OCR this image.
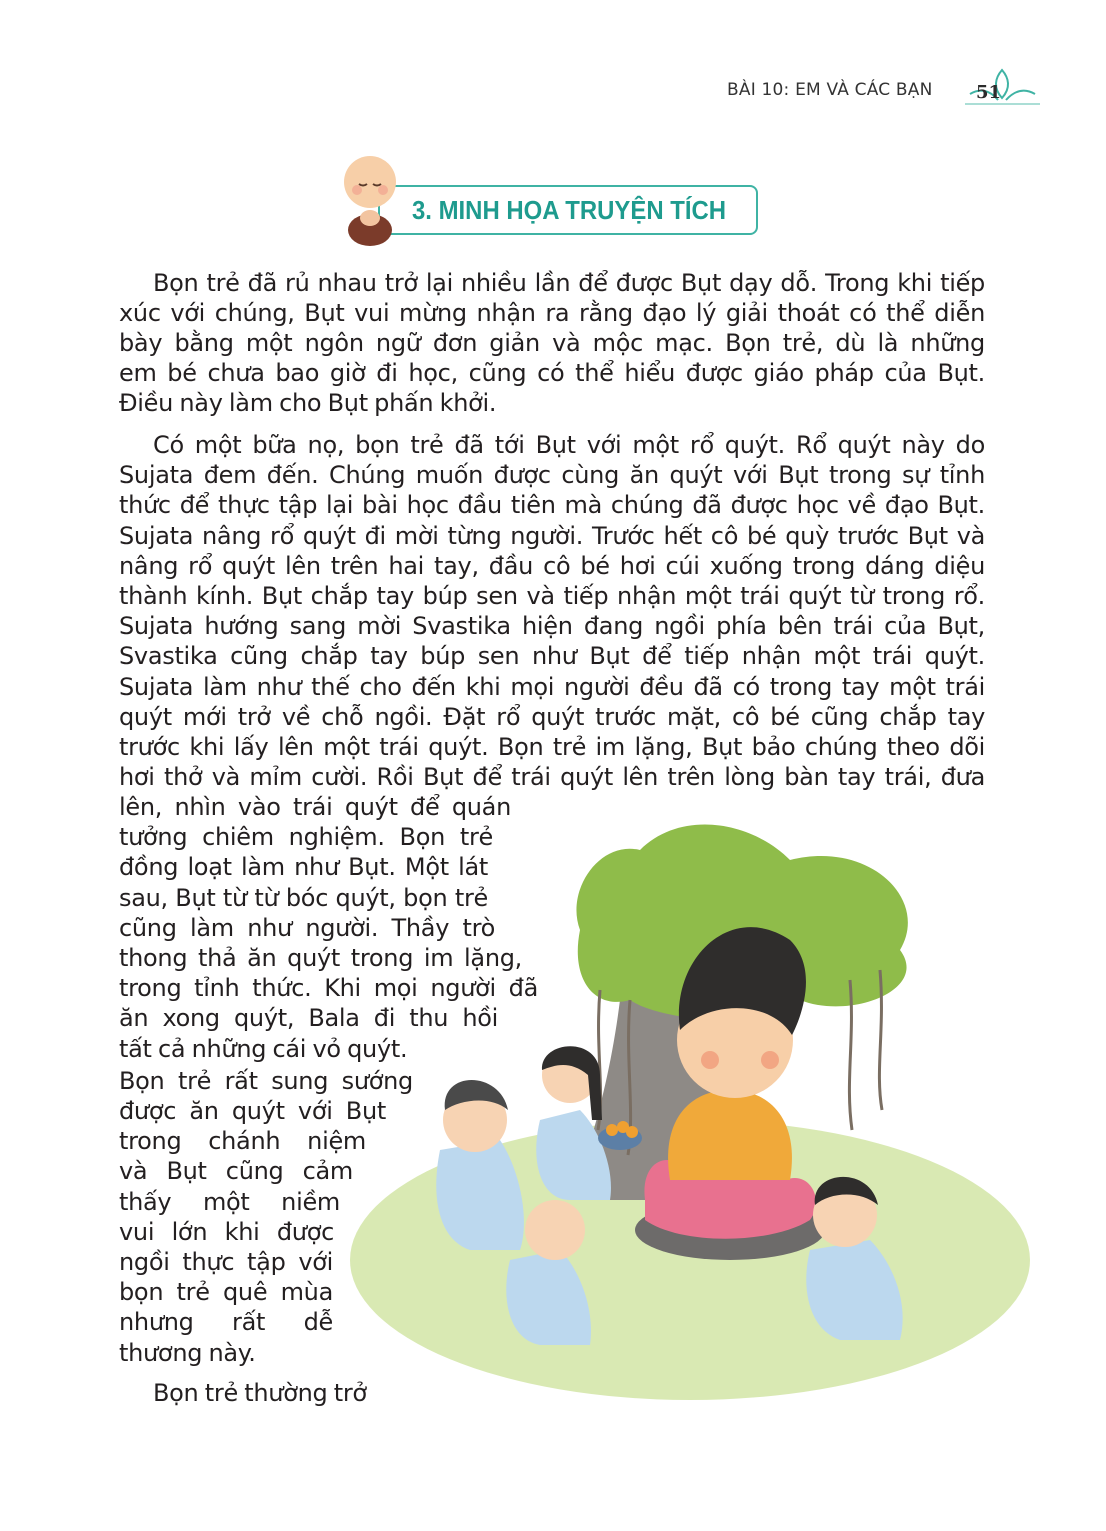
BÀI 10: EM VÀ CÁC BẠN 51
3. MINH HỌA TRUYỆN TÍCH
Bọn trẻ đã rủ nhau trở lại nhiều lần để được Bụt dạy dỗ. Trong khi tiếp
xúc với chúng, Bụt vui mừng nhận ra rằng đạo lý giải thoát có thể diễn
bày bằng một ngôn ngữ đơn giản và mộc mạc. Bọn trẻ, dù là những
em bé chưa bao giờ đi học, cũng có thể hiểu được giáo pháp của Bụt.
Điều này làm cho Bụt phấn khởi.
Có một bữa nọ, bọn trẻ đã tới Bụt với một rổ quýt. Rổ quýt này do
Sujata đem đến. Chúng muốn được cùng ăn quýt với Bụt trong sự tỉnh
thức để thực tập lại bài học đầu tiên mà chúng đã được học về đạo Bụt.
Sujata nâng rổ quýt đi mời từng người. Trước hết cô bé quỳ trước Bụt và
nâng rổ quýt lên trên hai tay, đầu cô bé hơi cúi xuống trong dáng diệu
thành kính. Bụt chắp tay búp sen và tiếp nhận một trái quýt từ trong rổ.
Sujata hướng sang mời Svastika hiện đang ngồi phía bên trái của Bụt,
Svastika cũng chắp tay búp sen như Bụt để tiếp nhận một trái quýt.
Sujata làm như thế cho đến khi mọi người đều đã có trong tay một trái
quýt mới trở về chỗ ngồi. Đặt rổ quýt trước mặt, cô bé cũng chắp tay
trước khi lấy lên một trái quýt. Bọn trẻ im lặng, Bụt bảo chúng theo dõi
hơi thở và mỉm cười. Rồi Bụt để trái quýt lên trên lòng bàn tay trái, đưa
lên, nhìn vào trái quýt để quán
tưởng chiêm nghiệm. Bọn trẻ
đồng loạt làm như Bụt. Một lát
sau, Bụt từ từ bóc quýt, bọn trẻ
cũng làm như người. Thầy trò
thong thả ăn quýt trong im lặng,
trong tỉnh thức. Khi mọi người đã
ăn xong quýt, Bala đi thu hồi
tất cả những cái vỏ quýt.
Bọn trẻ rất sung sướng
được ăn quýt với Bụt
trong chánh niệm
và Bụt cũng cảm
thấy một niềm
vui lớn khi được
ngồi thực tập với
bọn trẻ quê mùa
nhưng rất dễ
thương này.
Bọn trẻ thường trở
